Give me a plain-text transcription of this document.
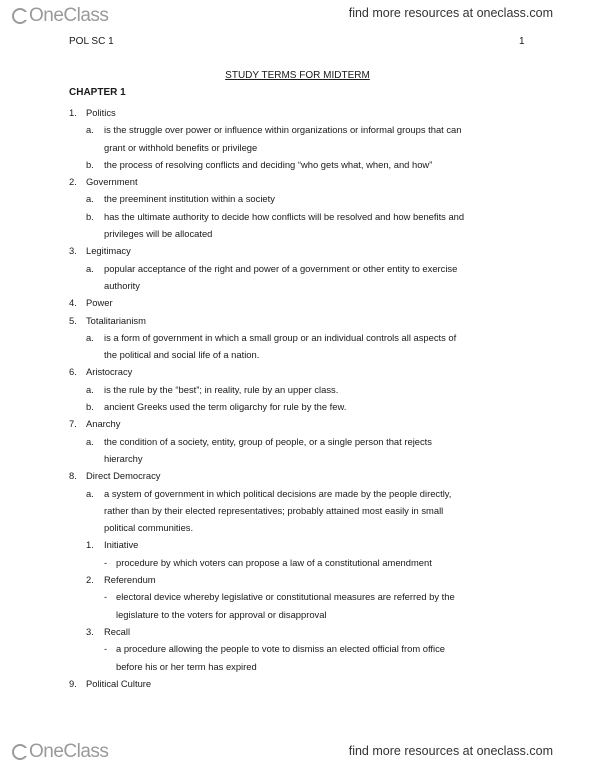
OneClass	find more resources at oneclass.com
POL SC 1	1
STUDY TERMS FOR MIDTERM
CHAPTER 1
1. Politics
a. is the struggle over power or influence within organizations or informal groups that can
grant or withhold benefits or privilege
b. the process of resolving conflicts and deciding “who gets what, when, and how”
2. Government
a. the preeminent institution within a society
b. has the ultimate authority to decide how conflicts will be resolved and how benefits and
privileges will be allocated
3. Legitimacy
a. popular acceptance of the right and power of a government or other entity to exercise
authority
4. Power
5. Totalitarianism
a. is a form of government in which a small group or an individual controls all aspects of
the political and social life of a nation.
6. Aristocracy
a. is the rule by the “best”; in reality, rule by an upper class.
b. ancient Greeks used the term oligarchy for rule by the few.
7. Anarchy
a. the condition of a society, entity, group of people, or a single person that rejects
hierarchy
8. Direct Democracy
a. a system of government in which political decisions are made by the people directly,
rather than by their elected representatives; probably attained most easily in small
political communities.
1. Initiative
- procedure by which voters can propose a law of a constitutional amendment
2. Referendum
- electoral device whereby legislative or constitutional measures are referred by the
legislature to the voters for approval or disapproval
3. Recall
- a procedure allowing the people to vote to dismiss an elected official from office
before his or her term has expired
9. Political Culture
OneClass	find more resources at oneclass.com
